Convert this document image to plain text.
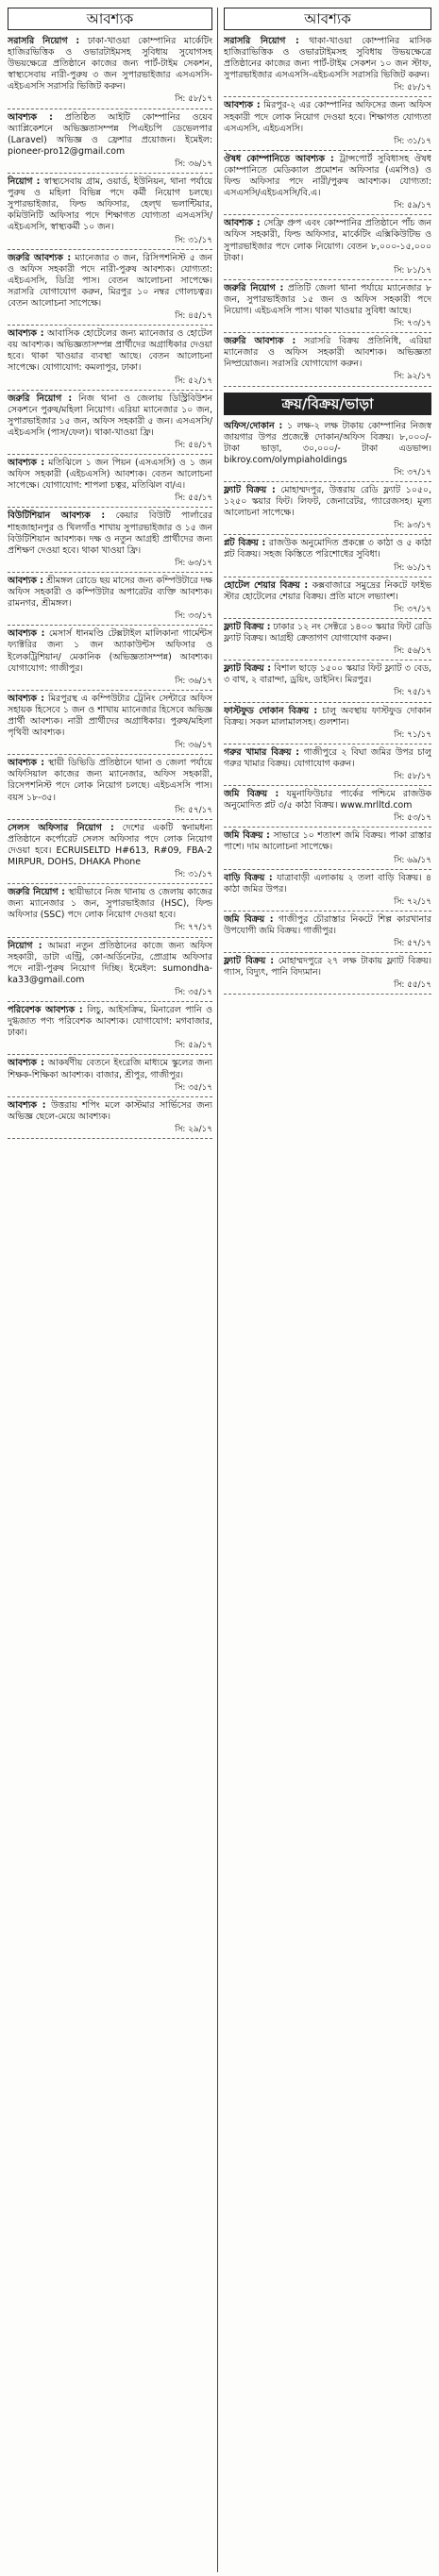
আবশ্যক
সরাসরি নিয়োগ : ঢাকা-খাওয়া কোম্পানির মার্কেটিং হাজিরভিত্তিক ও ওভারটাইমসহ সুবিধায় সুযোগসহ উভয়ক্ষেত্রে প্রতিষ্ঠানে কাজের জন্য পার্ট-টাইম সেকশন, স্বাস্থ্যসেবায় নারী-পুরুষ ৩ জন সুপারভাইজার এসএসসি-এইচএসসি সরাসরি ভিজিট করুন।
সি: ৫৮/১৭
আবশ্যক : প্রতিষ্ঠিত আইটি কোম্পানির ওয়েব অ্যাপ্লিকেশনে অভিজ্ঞতাসম্পন্ন পিএইচপি ডেভেলপার (Laravel) অভিজ্ঞ ও ফ্রেশার প্রয়োজন। ইমেইল: pioneer-pro12@gmail.com
সি: ৩৬/১৭
নিয়োগ : স্বাস্থ্যসেবায় গ্রাম, ওয়ার্ড, ইউনিয়ন, থানা পর্যায়ে পুরুষ ও মহিলা বিভিন্ন পদে কর্মী নিয়োগ চলছে। সুপারভাইজার, ফিল্ড অফিসার, হেল্থ ভলান্টিয়ার, কমিউনিটি অফিসার পদে শিক্ষাগত যোগ্যতা এসএসসি/ এইচএসসি, স্বাস্থ্যকর্মী ১০ জন।
সি: ৩১/১৭
জরুরি আবশ্যক : ম্যানেজার ৩ জন, রিসিপশনিস্ট ৫ জন ও অফিস সহকারী পদে নারী-পুরুষ আবশ্যক। যোগ্যতা: এইচএসসি, ডিগ্রি পাস। বেতন আলোচনা সাপেক্ষে। সরাসরি যোগাযোগ করুন, মিরপুর ১০ নম্বর গোলচত্বর। বেতন আলোচনা সাপেক্ষে।
সি: ৪৫/১৭
আবশ্যক : আবাসিক হোটেলের জন্য ম্যানেজার ও হোটেল বয় আবশ্যক। অভিজ্ঞতাসম্পন্ন প্রার্থীদের অগ্রাধিকার দেওয়া হবে। থাকা খাওয়ার ব্যবস্থা আছে। বেতন আলোচনা সাপেক্ষে। যোগাযোগ: কমলাপুর, ঢাকা।
সি: ৫২/১৭
জরুরি নিয়োগ : নিজ থানা ও জেলায় ডিস্ট্রিবিউশন সেকশনে পুরুষ/মহিলা নিয়োগ। এরিয়া ম্যানেজার ১০ জন, সুপারভাইজার ১৫ জন, অফিস সহকারী ৫ জন। এসএসসি/এইচএসসি (পাস/ফেল)। থাকা-খাওয়া ফ্রি।
সি: ৫৪/১৭
আবশ্যক : মতিঝিলে ১ জন পিয়ন (এসএসসি) ও ১ জন অফিস সহকারী (এইচএসসি) আবশ্যক। বেতন আলোচনা সাপেক্ষে। যোগাযোগ: শাপলা চত্বর, মতিঝিল বা/এ।
সি: ৫৫/১৭
বিউটিশিয়ান আবশ্যক : কেয়ার বিউটি পার্লারের শাহজাহানপুর ও খিলগাঁও শাখায় সুপারভাইজার ও ১৫ জন বিউটিশিয়ান আবশ্যক। দক্ষ ও নতুন আগ্রহী প্রার্থীদের জন্য প্রশিক্ষণ দেওয়া হবে। থাকা খাওয়া ফ্রি।
সি: ৬৩/১৭
আবশ্যক : শ্রীমঙ্গল রোডে ছয় মাসের জন্য কম্পিউটারে দক্ষ অফিস সহকারী ও কম্পিউটার অপারেটর ব্যক্তি আবশ্যক। রামনগর, শ্রীমঙ্গল।
সি: ৩৩/১৭
আবশ্যক : মেসার্স ধানমণ্ডি টেক্সটাইল মালিকানা গার্মেন্টস ফ্যাক্টরির জন্য ১ জন অ্যাকাউন্টস অফিসার ও ইলেকট্রিশিয়ান/ মেকানিক (অভিজ্ঞতাসম্পন্ন) আবশ্যক। যোগাযোগ: গাজীপুর।
সি: ৩৬/১৭
আবশ্যক : মিরপুরস্থ এ কম্পিউটার ট্রেনিং সেন্টারে অফিস সহায়ক হিসেবে ১ জন ও শাখায় ম্যানেজার হিসেবে অভিজ্ঞ প্রার্থী আবশ্যক। নারী প্রার্থীদের অগ্রাধিকার। পুরুষ/মহিলা পৃথিবী আবশ্যক।
সি: ৩৬/১৭
আবশ্যক : স্থায়ী ডিভিডি প্রতিষ্ঠানে থানা ও জেলা পর্যায়ে অফিসিয়াল কাজের জন্য ম্যানেজার, অফিস সহকারী, রিসেপশনিস্ট পদে লোক নিয়োগ চলছে। এইচএসসি পাস। বয়স ১৮-৩৫।
সি: ৫৭/১৭
সেলস অফিসার নিয়োগ : দেশের একটি স্বনামধন্য প্রতিষ্ঠানে কর্পোরেট সেলস অফিসার পদে লোক নিয়োগ দেওয়া হবে। ECRUISELTD H#613, R#09, FBA-2 MIRPUR, DOHS, DHAKA Phone
সি: ৩১/১৭
জরুরি নিয়োগ : স্থায়ীভাবে নিজ থানায় ও জেলায় কাজের জন্য ম্যানেজার ১ জন, সুপারভাইজার (HSC), ফিল্ড অফিসার (SSC) পদে লোক নিয়োগ দেওয়া হবে।
সি: ৭৭/১৭
নিয়োগ : আমরা নতুন প্রতিষ্ঠানের কাজে জন্য অফিস সহকারী, ডাটা এন্ট্রি, কো-অর্ডিনেটর, প্রোগ্রাম অফিসার পদে নারী-পুরুষ নিয়োগ দিচ্ছি। ইমেইল: sumondha-ka33@gmail.com
সি: ৩৫/১৭
পরিবেশক আবশ্যক : লিচু, আইসক্রিম, মিনারেল পানি ও দুগ্ধজাত পণ্য পরিবেশক আবশ্যক। যোগাযোগ: মগবাজার, ঢাকা।
সি: ৫৯/১৭
আবশ্যক : আকর্ষণীয় বেতনে ইংরেজি মাধ্যমে স্কুলের জন্য শিক্ষক-শিক্ষিকা আবশ্যক। বাজার, শ্রীপুর, গাজীপুর।
সি: ৩৫/১৭
আবশ্যক : উত্তরায় শপিং মলে কাস্টমার সার্ভিসের জন্য অভিজ্ঞ ছেলে-মেয়ে আবশ্যক।
সি: ২৯/১৭
আবশ্যক
সরাসরি নিয়োগ : থাকা-খাওয়া কোম্পানির মাসিক হাজিরাভিত্তিক ও ওভারটাইমসহ সুবিধায় উভয়ক্ষেত্রে প্রতিষ্ঠানের কাজের জন্য পার্ট-টাইম সেকশন ১০ জন স্টাফ, সুপারভাইজার এসএসসি-এইচএসসি সরাসরি ভিজিট করুন।
সি: ৫৮/১৭
আবশ্যক : মিরপুর-২ এর কোম্পানির অফিসের জন্য অফিস সহকারী পদে লোক নিয়োগ দেওয়া হবে। শিক্ষাগত যোগ্যতা এসএসসি, এইচএসসি।
সি: ৩১/১৭
ঔষধ কোম্পানিতে আবশ্যক : ট্রান্সপোর্ট সুবিধাসহ ঔষধ কোম্পানিতে মেডিক্যাল প্রমোশন অফিসার (এমপিও) ও ফিল্ড অফিসার পদে নারী/পুরুষ আবশ্যক। যোগ্যতা: এসএসসি/এইচএসসি/বি.এ।
সি: ৫৯/১৭
আবশ্যক : সেফ্রি প্রুপ এবং কোম্পানির প্রতিষ্ঠানে পাঁচ জন অফিস সহকারী, ফিল্ড অফিসার, মার্কেটিং এক্সিকিউটিভ ও সুপারভাইজার পদে লোক নিয়োগ। বেতন ৮,০০০-১৫,০০০ টাকা।
সি: ৮১/১৭
জরুরি নিয়োগ : প্রতিটি জেলা থানা পর্যায়ে ম্যানেজার ৮ জন, সুপারভাইজার ১৫ জন ও অফিস সহকারী পদে নিয়োগ। এইচএসসি পাস। থাকা খাওয়ার সুবিধা আছে।
সি: ৭৩/১৭
জরুরি আবশ্যক : সরাসরি বিক্রয় প্রতিনিধি, এরিয়া ম্যানেজার ও অফিস সহকারী আবশ্যক। অভিজ্ঞতা নিষ্প্রয়োজন। সরাসরি যোগাযোগ করুন।
সি: ৯২/১৭
ক্রয়/বিক্রয়/ভাড়া
অফিস/দোকান : ১ লক্ষ-২ লক্ষ টাকায় কোম্পানির নিজস্ব জায়গার উপর প্রজেক্টে দোকান/অফিস বিক্রয়। ৮,০০০/- টাকা ভাড়া, ৩০,০০০/- টাকা এডভান্স। bikroy.com/olympiaholdings
সি: ৩৭/১৭
ফ্ল্যাট বিক্রয় : মোহাম্মদপুর, উত্তরায় রেডি ফ্ল্যাট ১০৫০, ১২৫০ স্কয়ার ফিট। লিফট, জেনারেটর, গ্যারেজসহ। মূল্য আলোচনা সাপেক্ষে।
সি: ৯৩/১৭
প্লট বিক্রয় : রাজউক অনুমোদিত প্রকল্পে ৩ কাঠা ও ৫ কাঠা প্লট বিক্রয়। সহজ কিস্তিতে পরিশোধের সুবিধা।
সি: ৬১/১৭
হোটেল শেয়ার বিক্রয় : কক্সবাজারে সমুদ্রের নিকটে ফাইভ স্টার হোটেলের শেয়ার বিক্রয়। প্রতি মাসে লভ্যাংশ।
সি: ৩৭/১৭
ফ্ল্যাট বিক্রয় : ঢাকার ১২ নং সেক্টরে ১৪০০ স্কয়ার ফিট রেডি ফ্ল্যাট বিক্রয়। আগ্রহী ক্রেতাগণ যোগাযোগ করুন।
সি: ৫৬/১৭
ফ্ল্যাট বিক্রয় : বিশাল ছাড়ে ১৫০০ স্কয়ার ফিট ফ্ল্যাট ৩ বেড, ৩ বাথ, ২ বারান্দা, ড্রয়িং, ডাইনিং। মিরপুর।
সি: ৭৫/১৭
ফাস্টফুড দোকান বিক্রয় : চালু অবস্থায় ফাস্টফুড দোকান বিক্রয়। সকল মালামালসহ। গুলশান।
সি: ৭১/১৭
গরুর খামার বিক্রয় : গাজীপুরে ২ বিঘা জমির উপর চালু গরুর খামার বিক্রয়। যোগাযোগ করুন।
সি: ৫৮/১৭
জমি বিক্রয় : যমুনাফিউচার পার্কের পশ্চিমে রাজউক অনুমোদিত প্লট ৩/৫ কাঠা বিক্রয়। www.mrlltd.com
সি: ৫৩/১৭
জমি বিক্রয় : সাভারে ১০ শতাংশ জমি বিক্রয়। পাকা রাস্তার পাশে। দাম আলোচনা সাপেক্ষে।
সি: ৬৯/১৭
বাড়ি বিক্রয় : যাত্রাবাড়ী এলাকায় ২ তলা বাড়ি বিক্রয়। ৪ কাঠা জমির উপর।
সি: ৭২/১৭
জমি বিক্রয় : গাজীপুর চৌরাস্তার নিকটে শিল্প কারখানার উপযোগী জমি বিক্রয়। গাজীপুর।
সি: ৫৭/১৭
ফ্ল্যাট বিক্রয় : মোহাম্মদপুরে ২৭ লক্ষ টাকায় ফ্ল্যাট বিক্রয়। গ্যাস, বিদ্যুৎ, পানি বিদ্যমান।
সি: ৫৫/১৭
